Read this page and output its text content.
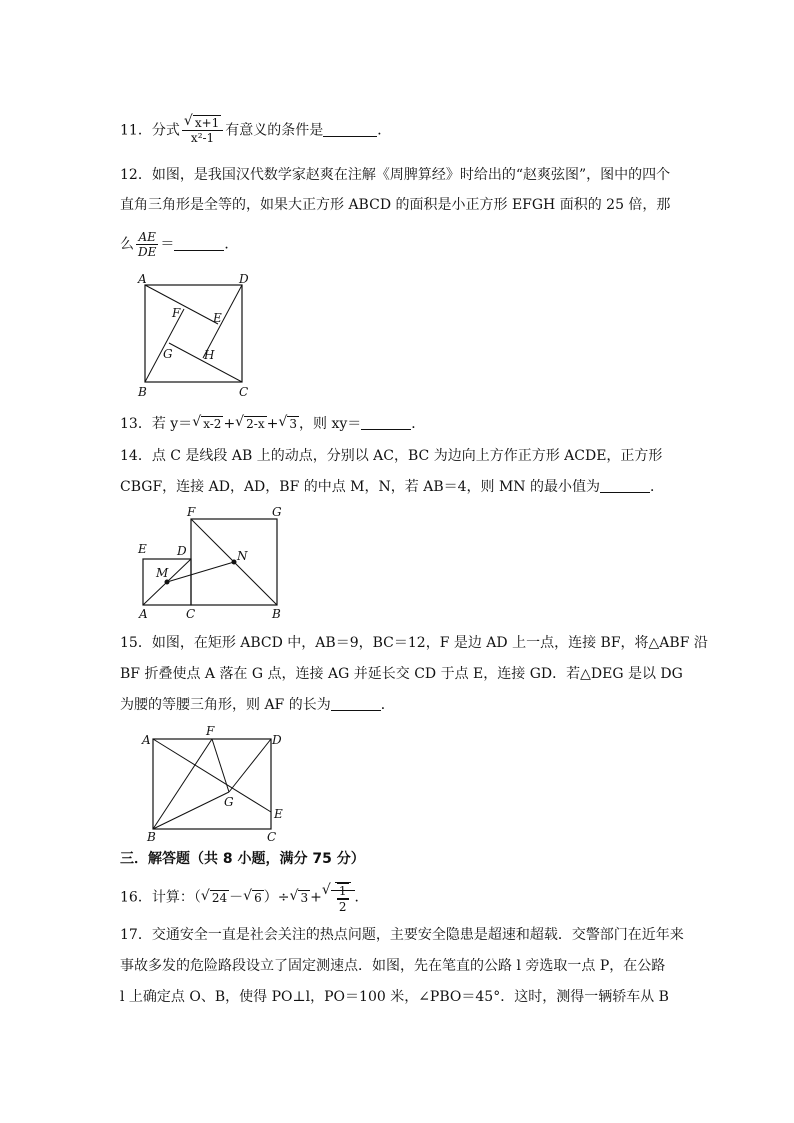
11．分式 √ $\frac{x+1}{\text{x²-1}}$ 有意义的条件是	．
12．如图，是我国汉代数学家赵爽在注解《周脾算经》时给出的“赵爽弦图”，图中的四个
直角三角形是全等的，如果大正方形 ABCD 的面积是小正方形 EFGH 面积的 25 倍，那
么 $\frac{AE}{DE}$ ＝	．
A	D
F	E
G	H
B	C
13．若 y＝ √ x-2 + √ 2-x + √ 3 ，则 xy＝	．
14．点 C 是线段 AB 上的动点，分别以 AC，BC 为边向上方作正方形 ACDE，正方形
CBGF，连接 AD，AD，BF 的中点 M，N，若 AB＝4，则 MN 的最小值为	．
F	G
E	D	N
M
A	C	B
15．如图，在矩形 ABCD 中，AB＝9，BC＝12，F 是边 AD 上一点，连接 BF，将△ABF 沿
BF 折叠使点 A 落在 G 点，连接 AG 并延长交 CD 于点 E，连接 GD．若△DEG 是以 DG
为腰的等腰三角形，则 AF 的长为	．
A
F
D
G
E
B	C
三．解答题（共 8 小题，满分 75 分）
16．计算：（ √ 24 － √ 6 ）÷ √ 3 + √ $\frac{1}{2}$ ．
17．交通安全一直是社会关注的热点问题，主要安全隐患是超速和超载．交警部门在近年来
事故多发的危险路段设立了固定测速点．如图，先在笔直的公路 l 旁选取一点 P，在公路
l 上确定点 O、B，使得 PO⊥l，PO＝100 米，∠PBO＝45°．这时，测得一辆轿车从 B
